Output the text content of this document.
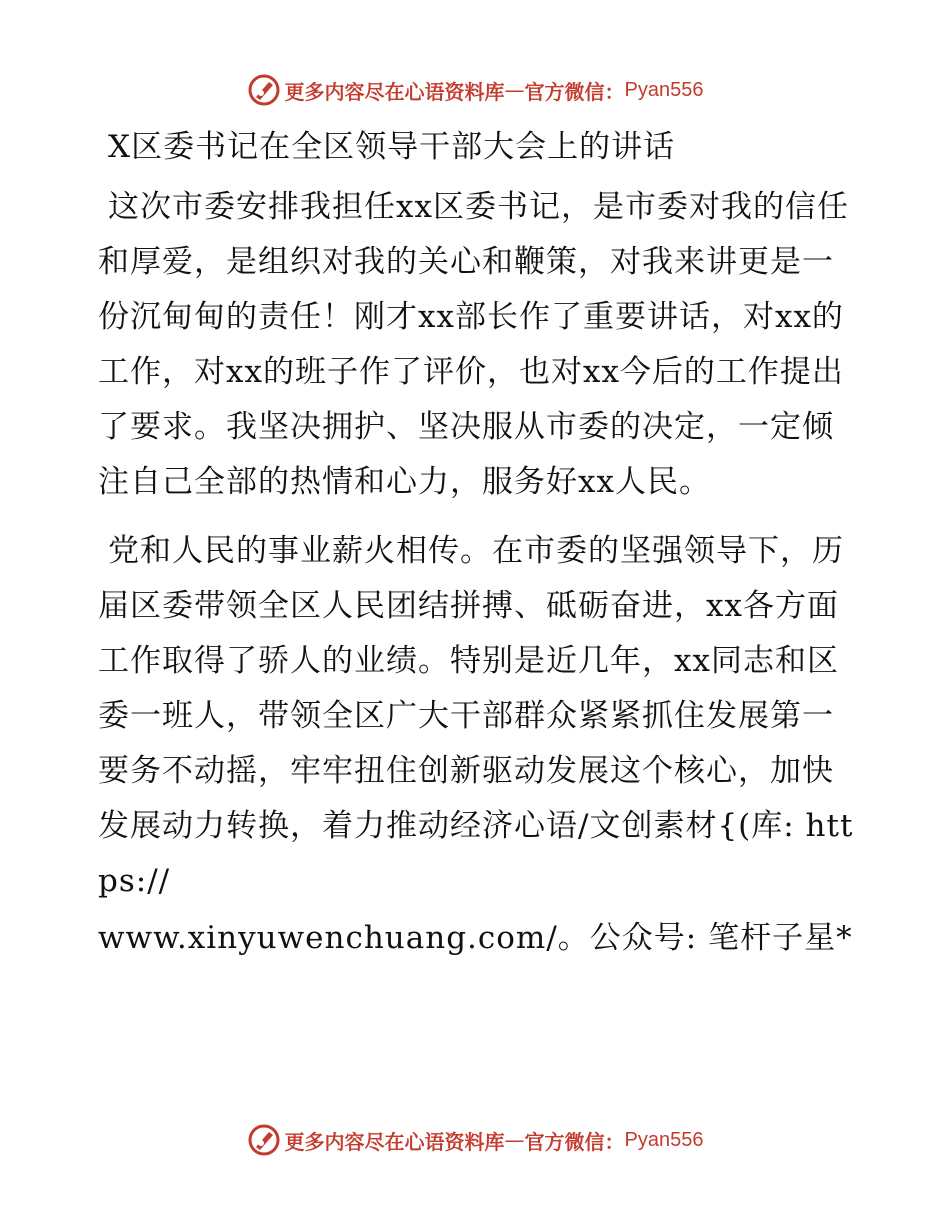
更多内容尽在心语资料库 — 官方微信： Pyan556
X区委书记在全区领导干部大会上的讲话
这次市委安排我担任xx区委书记，是市委对我的信任和厚爱，是组织对我的关心和鞭策，对我来讲更是一份沉甸甸的责任！刚才xx部长作了重要讲话，对xx的工作，对xx的班子作了评价，也对xx今后的工作提出了要求。我坚决拥护、坚决服从市委的决定，一定倾注自己全部的热情和心力，服务好xx人民。
党和人民的事业薪火相传。在市委的坚强领导下，历届区委带领全区人民团结拼搏、砥砺奋进，xx各方面工作取得了骄人的业绩。特别是近几年，xx同志和区委一班人，带领全区广大干部群众紧紧抓住发展第一要务不动摇，牢牢扭住创新驱动发展这个核心，加快发展动力转换，着力推动经济心语/文创素材{(库: https://
www.xinyuwenchuang.com/。公众号: 笔杆子星*
更多内容尽在心语资料库 — 官方微信： Pyan556
